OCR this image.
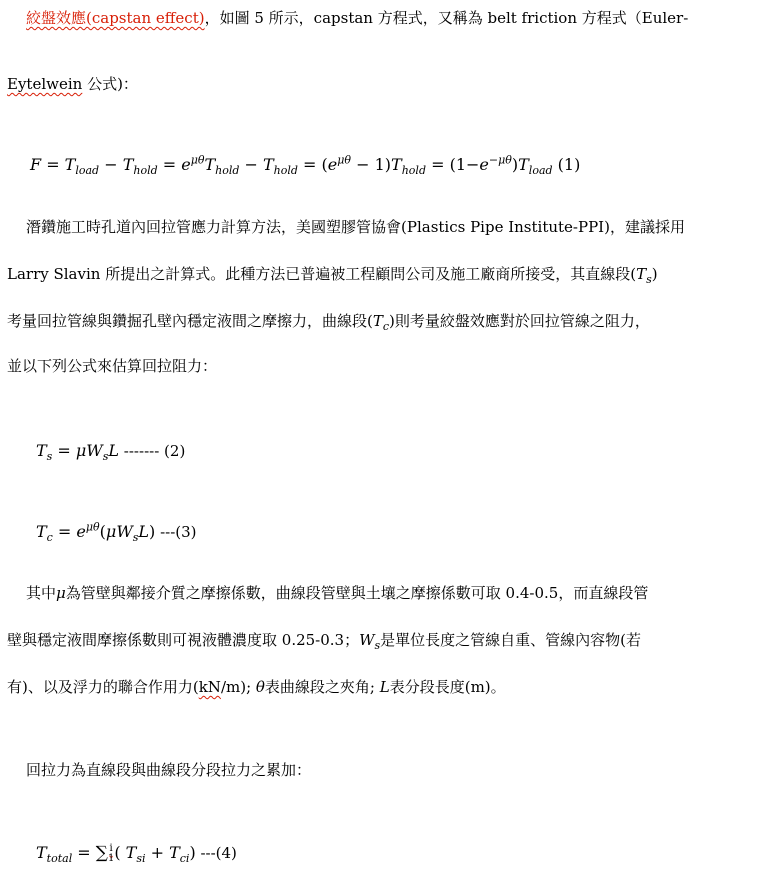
絞盤效應(capstan effect)，如圖 5 所示，capstan 方程式，又稱為 belt friction 方程式（Euler-
Eytelwein 公式)：
$F = T_{load} - T_{hold} = e^{\mu\theta}T_{hold} - T_{hold} = (e^{\mu\theta} - 1)T_{hold} = (1-e^{-\mu\theta})T_{load}$ (1)
潛鑽施工時孔道內回拉管應力計算方法，美國塑膠管協會(Plastics Pipe Institute-PPI)，建議採用
Larry Slavin 所提出之計算式。此種方法已普遍被工程顧問公司及施工廠商所接受，其直線段$(T_s)$
考量回拉管線與鑽掘孔壁內穩定液間之摩擦力，曲線段$(T_c)$則考量絞盤效應對於回拉管線之阻力，
並以下列公式來估算回拉阻力：
$T_s = \mu W_sL$ ------- (2)
$T_c = e^{\mu\theta}(\mu W_sL)$ ---(3)
其中μ為管壁與鄰接介質之摩擦係數，曲線段管壁與土壤之摩擦係數可取 0.4-0.5，而直線段管
壁與穩定液間摩擦係數則可視液體濃度取 0.25-0.3；$W_s$是單位長度之管線自重、管線內容物(若
有)、以及浮力的聯合作用力(kN/m); θ表曲線段之夾角; L表分段長度(m)。
回拉力為直線段與曲線段分段拉力之累加：
$T_{total} = \sum\frac{i}{1}$( $T_{si} + T_{ci}$) ---(4)
